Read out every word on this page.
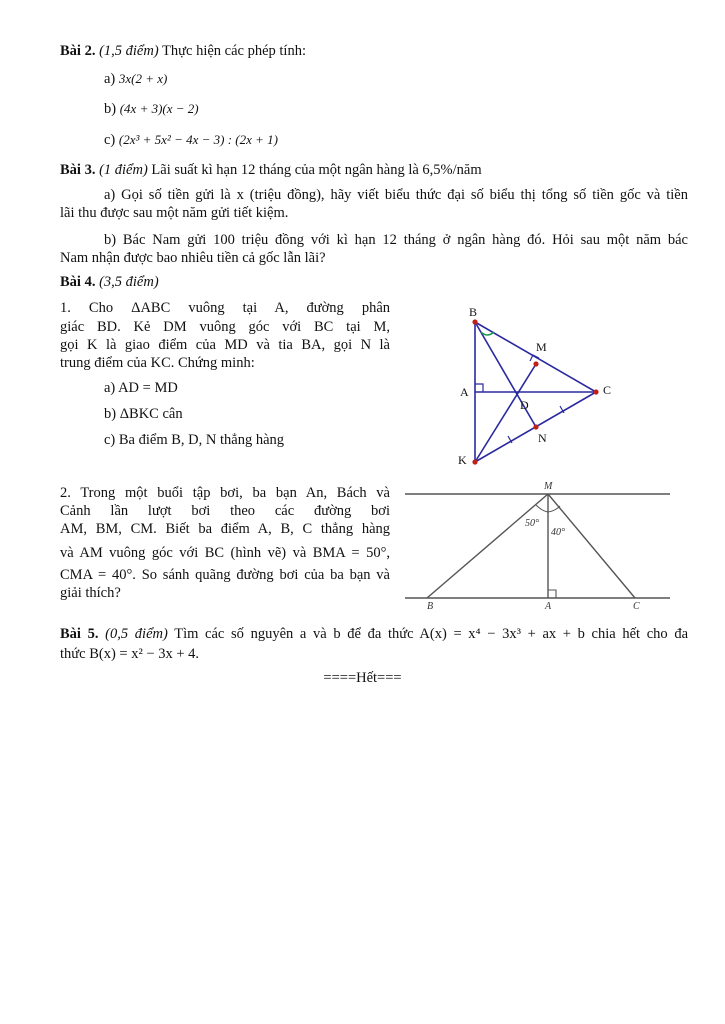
Bài 2. (1,5 điểm) Thực hiện các phép tính:
a) 3x(2 + x)
b) (4x + 3)(x − 2)
c) (2x³ + 5x² − 4x − 3) : (2x + 1)
Bài 3. (1 điểm) Lãi suất kì hạn 12 tháng của một ngân hàng là 6,5%/năm
a) Gọi số tiền gửi là x (triệu đồng), hãy viết biểu thức đại số biểu thị tổng số tiền gốc và tiền
lãi thu được sau một năm gửi tiết kiệm.
b) Bác Nam gửi 100 triệu đồng với kì hạn 12 tháng ở ngân hàng đó. Hỏi sau một năm bác
Nam nhận được bao nhiêu tiền cả gốc lẫn lãi?
Bài 4. (3,5 điểm)
1. Cho ΔABC vuông tại A, đường phân
giác BD. Kẻ DM vuông góc với BC tại M,
gọi K là giao điểm của MD và tia BA, gọi N là
trung điểm của KC. Chứng minh:
a) AD = MD
b) ΔBKC cân
c) Ba điểm B, D, N thẳng hàng
B
M
A	C
D
N
K
2. Trong một buổi tập bơi, ba bạn An, Bách và
Cảnh lần lượt bơi theo các đường bơi
AM, BM, CM. Biết ba điểm A, B, C thẳng hàng
và AM vuông góc với BC (hình vẽ) và BMA = 50°,
CMA = 40°. So sánh quãng đường bơi của ba bạn và
giải thích?
M
50°
40°
B	A	C
Bài 5. (0,5 điểm) Tìm các số nguyên a và b để đa thức A(x) = x⁴ − 3x³ + ax + b chia hết cho đa
thức B(x) = x² − 3x + 4.
====Hết===
